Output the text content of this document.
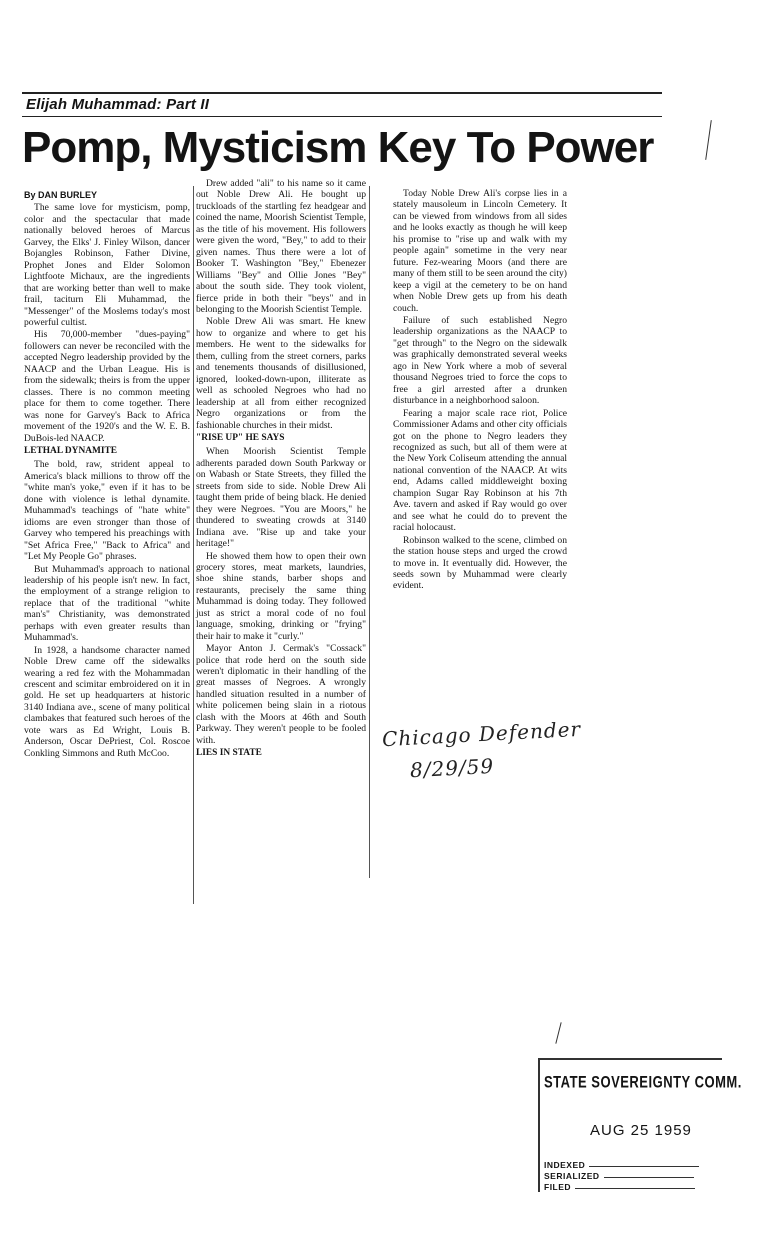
Elijah Muhammad: Part II
Pomp, Mysticism Key To Power

By DAN BURLEY

The same love for mysticism, pomp, color and the spectacular that made nationally beloved heroes of Marcus Garvey, the Elks' J. Finley Wilson, dancer Bojangles Robinson, Father Divine, Prophet Jones and Elder Solomon Lightfoote Michaux, are the ingredients that are working better than well to make frail, taciturn Eli Muhammad, the "Messenger" of the Moslems today's most powerful cultist.

His 70,000-member "dues-paying" followers can never be reconciled with the accepted Negro leadership provided by the NAACP and the Urban League. His is from the sidewalk; theirs is from the upper classes. There is no common meeting place for them to come together. There was none for Garvey's Back to Africa movement of the 1920's and the W. E. B. DuBois-led NAACP.

LETHAL DYNAMITE

The bold, raw, strident appeal to America's black millions to throw off the "white man's yoke," even if it has to be done with violence is lethal dynamite. Muhammad's teachings of "hate white" idioms are even stronger than those of Garvey who tempered his preachings with "Set Africa Free," "Back to Africa" and "Let My People Go" phrases.

But Muhammad's approach to national leadership of his people isn't new. In fact, the employment of a strange religion to replace that of the traditional "white man's" Christianity, was demonstrated perhaps with even greater results than Muhammad's.

In 1928, a handsome character named Noble Drew came off the sidewalks wearing a red fez with the Mohammadan crescent and scimitar embroidered on it in gold. He set up headquarters at historic 3140 Indiana ave., scene of many political clambakes that featured such heroes of the vote wars as Ed Wright, Louis B. Anderson, Oscar DePriest, Col. Roscoe Conkling Simmons and Ruth McCoo.

Drew added "ali" to his name so it came out Noble Drew Ali. He bought up truckloads of the startling fez headgear and coined the name, Moorish Scientist Temple, as the title of his movement. His followers were given the word, "Bey," to add to their given names. Thus there were a lot of Booker T. Washington "Bey," Ebenezer Williams "Bey" and Ollie Jones "Bey" about the south side. They took violent, fierce pride in both their "beys" and in belonging to the Moorish Scientist Temple.

Noble Drew Ali was smart. He knew how to organize and where to get his members. He went to the sidewalks for them, culling from the street corners, parks and tenements thousands of disillusioned, ignored, looked-down-upon, illiterate as well as schooled Negroes who had no leadership at all from either recognized Negro organizations or from the fashionable churches in their midst.

"RISE UP" HE SAYS

When Moorish Scientist Temple adherents paraded down South Parkway or on Wabash or State Streets, they filled the streets from side to side. Noble Drew Ali taught them pride of being black. He denied they were Negroes. "You are Moors," he thundered to sweating crowds at 3140 Indiana ave. "Rise up and take your heritage!"

He showed them how to open their own grocery stores, meat markets, laundries, shoe shine stands, barber shops and restaurants, precisely the same thing Muhammad is doing today. They followed just as strict a moral code of no foul language, smoking, drinking or "frying" their hair to make it "curly."

Mayor Anton J. Cermak's "Cossack" police that rode herd on the south side weren't diplomatic in their handling of the great masses of Negroes. A wrongly handled situation resulted in a number of white policemen being slain in a riotous clash with the Moors at 46th and South Parkway. They weren't people to be fooled with.

LIES IN STATE

Today Noble Drew Ali's corpse lies in a stately mausoleum in Lincoln Cemetery. It can be viewed from windows from all sides and he looks exactly as though he will keep his promise to "rise up and walk with my people again" sometime in the very near future. Fez-wearing Moors (and there are many of them still to be seen around the city) keep a vigil at the cemetery to be on hand when Noble Drew gets up from his death couch.

Failure of such established Negro leadership organizations as the NAACP to "get through" to the Negro on the sidewalk was graphically demonstrated several weeks ago in New York where a mob of several thousand Negroes tried to force the cops to free a girl arrested after a drunken disturbance in a neighborhood saloon.

Fearing a major scale race riot, Police Commissioner Adams and other city officials got on the phone to Negro leaders they recognized as such, but all of them were at the New York Coliseum attending the annual national convention of the NAACP. At wits end, Adams called middleweight boxing champion Sugar Ray Robinson at his 7th Ave. tavern and asked if Ray would go over and see what he could do to prevent the racial holocaust.

Robinson walked to the scene, climbed on the station house steps and urged the crowd to move in. It eventually did. However, the seeds sown by Muhammad were clearly evident.

Chicago Defender
8/29/59
STATE SOVEREIGNTY COMM.
AUG 25 1959
INDEXED
SERIALIZED
FILED
